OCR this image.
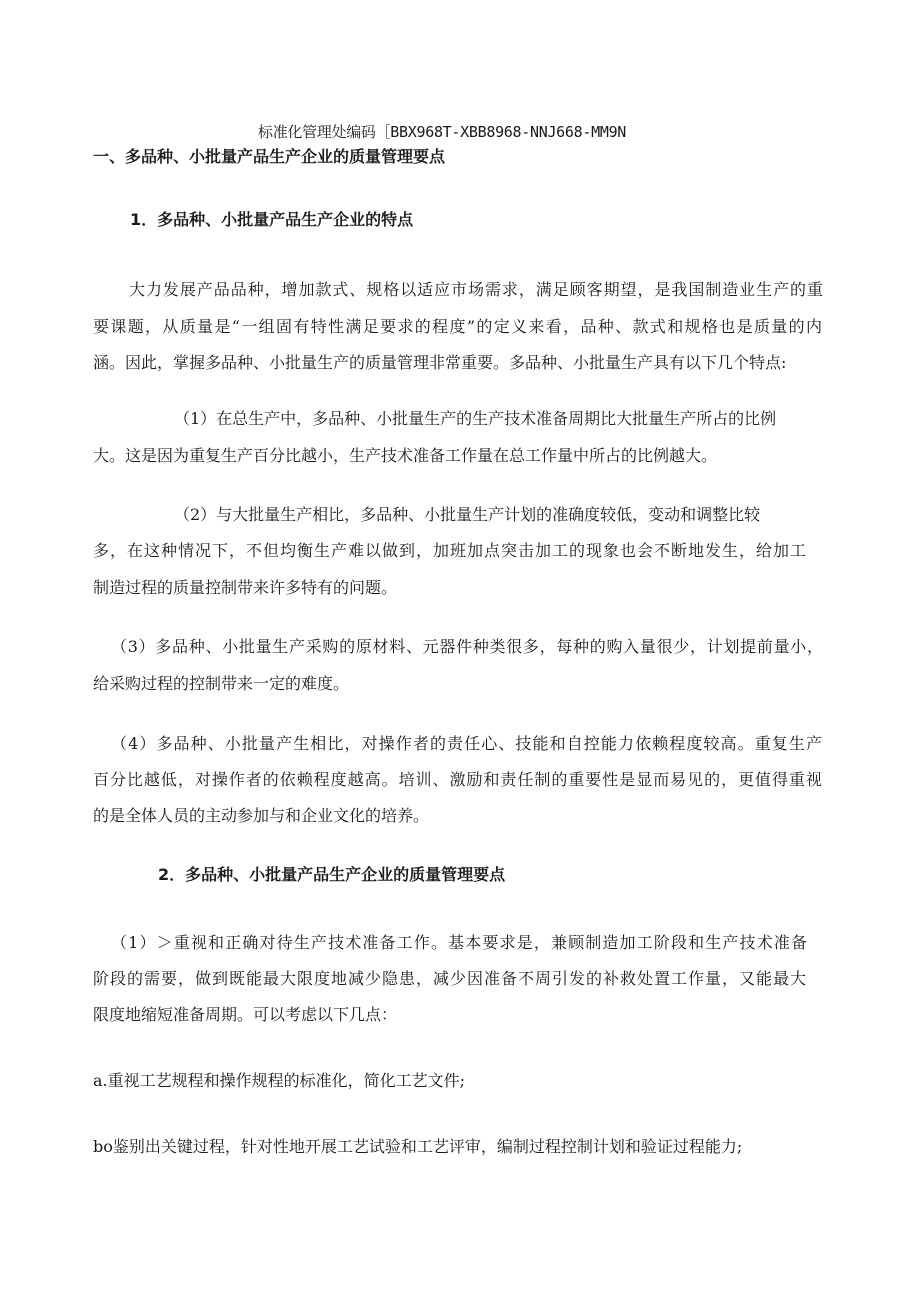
标准化管理处编码［BBX968T-XBB8968-NNJ668-MM9N
一、多品种、小批量产品生产企业的质量管理要点
1．多品种、小批量产品生产企业的特点
大力发展产品品种，增加款式、规格以适应市场需求，满足顾客期望，是我国制造业生产的重
要课题，从质量是“一组固有特性满足要求的程度”的定义来看，品种、款式和规格也是质量的内
涵。因此，掌握多品种、小批量生产的质量管理非常重要。多品种、小批量生产具有以下几个特点:
（1）在总生产中，多品种、小批量生产的生产技术准备周期比大批量生产所占的比例
大。这是因为重复生产百分比越小，生产技术准备工作量在总工作量中所占的比例越大。
（2）与大批量生产相比，多品种、小批量生产计划的准确度较低，变动和调整比较
多，在这种情况下，不但均衡生产难以做到，加班加点突击加工的现象也会不断地发生，给加工
制造过程的质量控制带来许多特有的问题。
（3）多品种、小批量生产采购的原材料、元器件种类很多，每种的购入量很少，计划提前量小，
给采购过程的控制带来一定的难度。
（4）多品种、小批量产生相比，对操作者的责任心、技能和自控能力依赖程度较高。重复生产
百分比越低，对操作者的依赖程度越高。培训、激励和责任制的重要性是显而易见的，更值得重视
的是全体人员的主动参加与和企业文化的培养。
2．多品种、小批量产品生产企业的质量管理要点
（1）＞重视和正确对待生产技术准备工作。基本要求是，兼顾制造加工阶段和生产技术准备
阶段的需要，做到既能最大限度地减少隐患，减少因准备不周引发的补救处置工作量，又能最大
限度地缩短准备周期。可以考虑以下几点：
a.重视工艺规程和操作规程的标准化，简化工艺文件;
bo鉴别出关键过程，针对性地开展工艺试验和工艺评审，编制过程控制计划和验证过程能力;
